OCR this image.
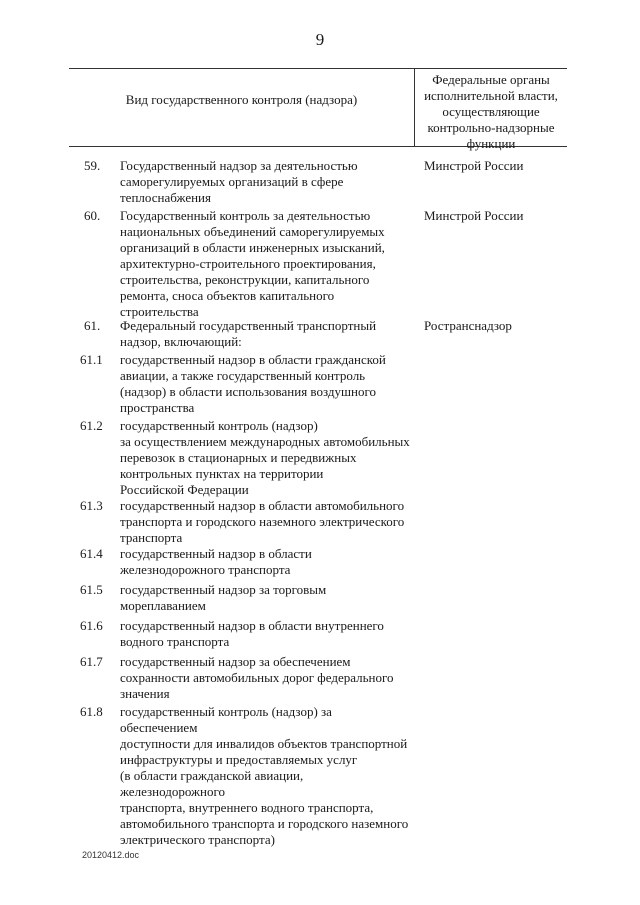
9
Вид государственного контроля (надзора)
Федеральные органы
исполнительной власти,
осуществляющие
контрольно-надзорные
функции
59.	Государственный надзор за деятельностью
саморегулируемых организаций в сфере
теплоснабжения
Минстрой России
60.	Государственный контроль за деятельностью
национальных объединений саморегулируемых
организаций в области инженерных изысканий,
архитектурно-строительного проектирования,
строительства, реконструкции, капитального
ремонта, сноса объектов капитального
строительства
Минстрой России
61.	Федеральный государственный транспортный
надзор, включающий:
Ространснадзор
61.1	государственный надзор в области гражданской
авиации, а также государственный контроль
(надзор) в области использования воздушного
пространства
61.2	государственный контроль (надзор)
за осуществлением международных автомобильных
перевозок в стационарных и передвижных
контрольных пунктах на территории
Российской Федерации
61.3	государственный надзор в области автомобильного
транспорта и городского наземного электрического
транспорта
61.4	государственный надзор в области
железнодорожного транспорта
61.5	государственный надзор за торговым
мореплаванием
61.6	государственный надзор в области внутреннего
водного транспорта
61.7	государственный надзор за обеспечением
сохранности автомобильных дорог федерального
значения
61.8	государственный контроль (надзор) за обеспечением
доступности для инвалидов объектов транспортной
инфраструктуры и предоставляемых услуг
(в области гражданской авиации, железнодорожного
транспорта, внутреннего водного транспорта,
автомобильного транспорта и городского наземного
электрического транспорта)
20120412.doc
